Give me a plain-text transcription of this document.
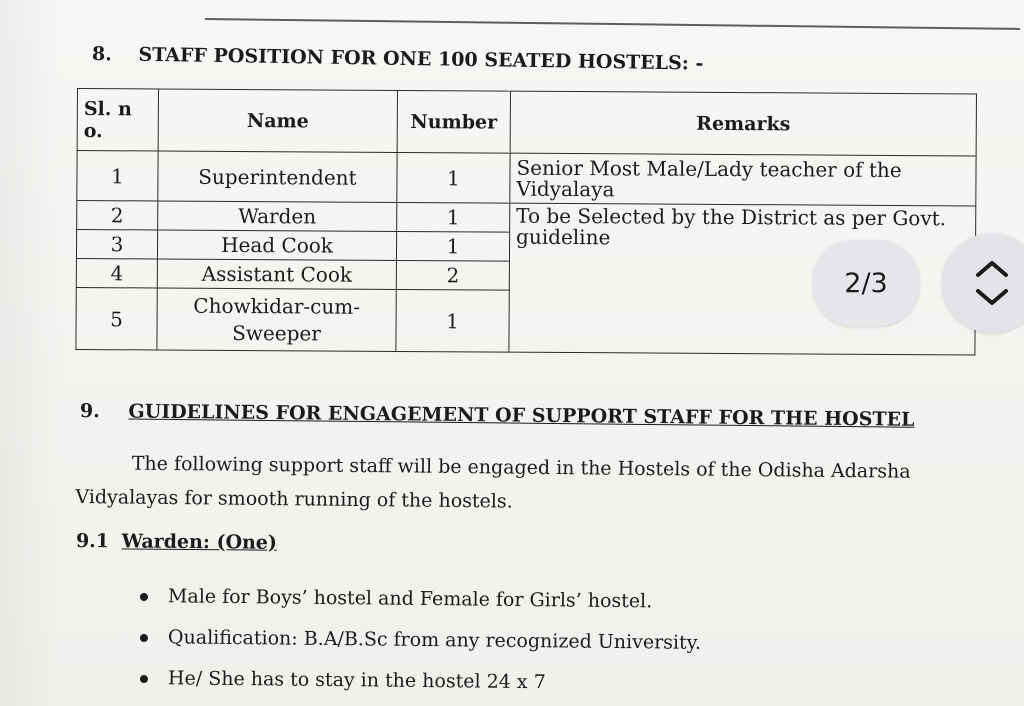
8. STAFF POSITION FOR ONE 100 SEATED HOSTELS: -
Sl. n o.	Name	Number	Remarks
1	Superintendent	1	Senior Most Male/Lady teacher of the Vidyalaya
2	Warden	1	To be Selected by the District as per Govt. guideline
3	Head Cook	1	
4	Assistant Cook	2	
5	Chowkidar-cum-Sweeper	1	
2/3
9. GUIDELINES FOR ENGAGEMENT OF SUPPORT STAFF FOR THE HOSTEL
The following support staff will be engaged in the Hostels of the Odisha Adarsha
Vidyalayas for smooth running of the hostels.
9.1 Warden: (One)
Male for Boys’ hostel and Female for Girls’ hostel.
Qualification: B.A/B.Sc from any recognized University.
He/ She has to stay in the hostel 24 x 7
